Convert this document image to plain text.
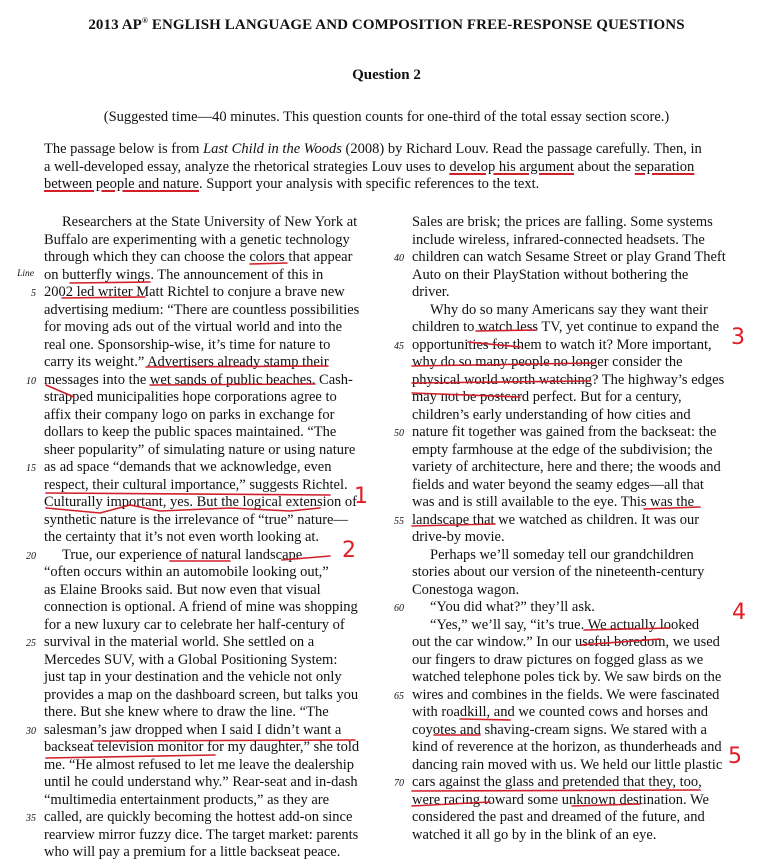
2013 AP® ENGLISH LANGUAGE AND COMPOSITION FREE-RESPONSE QUESTIONS
Question 2
(Suggested time—40 minutes. This question counts for one-third of the total essay section score.)
The passage below is from Last Child in the Woods (2008) by Richard Louv. Read the passage carefully. Then, in
a well-developed essay, analyze the rhetorical strategies Louv uses to develop his argument about the separation
between people and nature. Support your analysis with specific references to the text.
Line
5
10
15
20
25
30
35
40
45
50
55
60
65
70
Researchers at the State University of New York at
Buffalo are experimenting with a genetic technology
through which they can choose the colors that appear
on butterfly wings. The announcement of this in
2002 led writer Matt Richtel to conjure a brave new
advertising medium: “There are countless possibilities
for moving ads out of the virtual world and into the
real one. Sponsorship-wise, it’s time for nature to
carry its weight.” Advertisers already stamp their
messages into the wet sands of public beaches. Cash-
strapped municipalities hope corporations agree to
affix their company logo on parks in exchange for
dollars to keep the public spaces maintained. “The
sheer popularity” of simulating nature or using nature
as ad space “demands that we acknowledge, even
respect, their cultural importance,” suggests Richtel.
Culturally important, yes. But the logical extension of
synthetic nature is the irrelevance of “true” nature—
the certainty that it’s not even worth looking at.
True, our experience of natural landscape
“often occurs within an automobile looking out,”
as Elaine Brooks said. But now even that visual
connection is optional. A friend of mine was shopping
for a new luxury car to celebrate her half-century of
survival in the material world. She settled on a
Mercedes SUV, with a Global Positioning System:
just tap in your destination and the vehicle not only
provides a map on the dashboard screen, but talks you
there. But she knew where to draw the line. “The
salesman’s jaw dropped when I said I didn’t want a
backseat television monitor for my daughter,” she told
me. “He almost refused to let me leave the dealership
until he could understand why.” Rear-seat and in-dash
“multimedia entertainment products,” as they are
called, are quickly becoming the hottest add-on since
rearview mirror fuzzy dice. The target market: parents
who will pay a premium for a little backseat peace.
Sales are brisk; the prices are falling. Some systems
include wireless, infrared-connected headsets. The
children can watch Sesame Street or play Grand Theft
Auto on their PlayStation without bothering the
driver.
Why do so many Americans say they want their
children to watch less TV, yet continue to expand the
opportunities for them to watch it? More important,
why do so many people no longer consider the
physical world worth watching? The highway’s edges
may not be postcard perfect. But for a century,
children’s early understanding of how cities and
nature fit together was gained from the backseat: the
empty farmhouse at the edge of the subdivision; the
variety of architecture, here and there; the woods and
fields and water beyond the seamy edges—all that
was and is still available to the eye. This was the
landscape that we watched as children. It was our
drive-by movie.
Perhaps we’ll someday tell our grandchildren
stories about our version of the nineteenth-century
Conestoga wagon.
“You did what?” they’ll ask.
“Yes,” we’ll say, “it’s true. We actually looked
out the car window.” In our useful boredom, we used
our fingers to draw pictures on fogged glass as we
watched telephone poles tick by. We saw birds on the
wires and combines in the fields. We were fascinated
with roadkill, and we counted cows and horses and
coyotes and shaving-cream signs. We stared with a
kind of reverence at the horizon, as thunderheads and
dancing rain moved with us. We held our little plastic
cars against the glass and pretended that they, too,
were racing toward some unknown destination. We
considered the past and dreamed of the future, and
watched it all go by in the blink of an eye.
1
2
3
4
5
